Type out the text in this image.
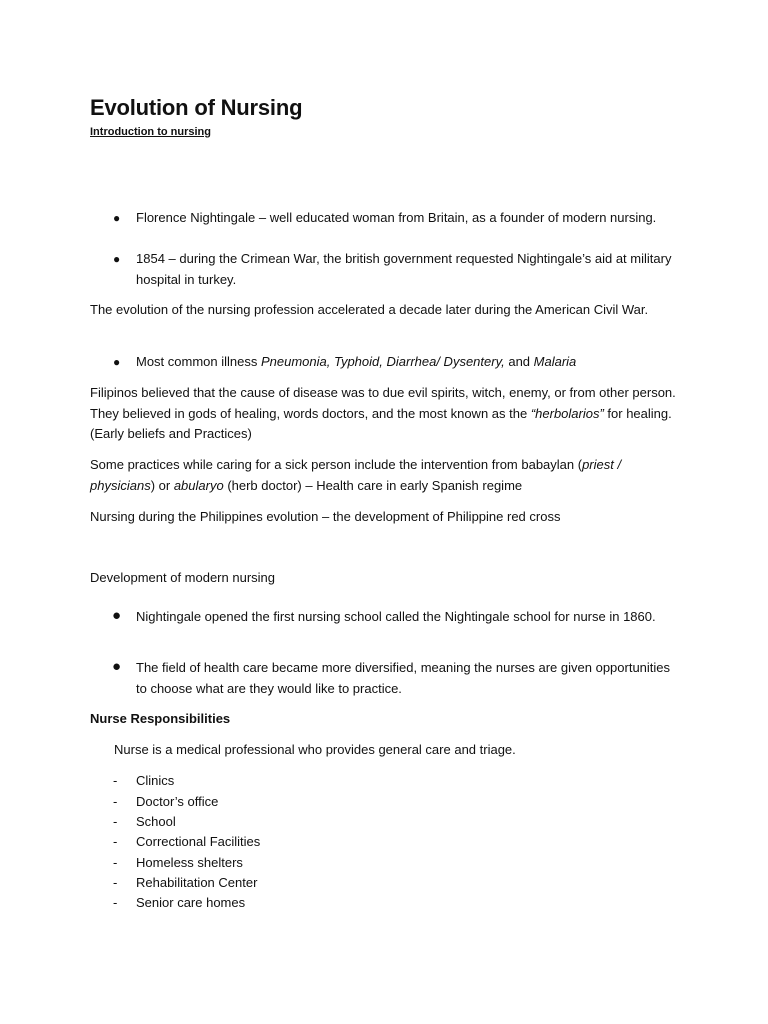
Evolution of Nursing
Introduction to nursing
● Florence Nightingale – well educated woman from Britain, as a founder of modern nursing.
● 1854 – during the Crimean War, the british government requested Nightingale’s aid at military hospital in turkey.
The evolution of the nursing profession accelerated a decade later during the American Civil War.
● Most common illness Pneumonia, Typhoid, Diarrhea/ Dysentery, and Malaria
Filipinos believed that the cause of disease was to due evil spirits, witch, enemy, or from other person. They believed in gods of healing, words doctors, and the most known as the “herbolarios” for healing. (Early beliefs and Practices)
Some practices while caring for a sick person include the intervention from babaylan (priest / physicians) or abularyo (herb doctor) – Health care in early Spanish regime
Nursing during the Philippines evolution – the development of Philippine red cross
Development of modern nursing
● Nightingale opened the first nursing school called the Nightingale school for nurse in 1860.
● The field of health care became more diversified, meaning the nurses are given opportunities to choose what are they would like to practice.
Nurse Responsibilities
Nurse is a medical professional who provides general care and triage.
- Clinics
- Doctor’s office
- School
- Correctional Facilities
- Homeless shelters
- Rehabilitation Center
- Senior care homes
